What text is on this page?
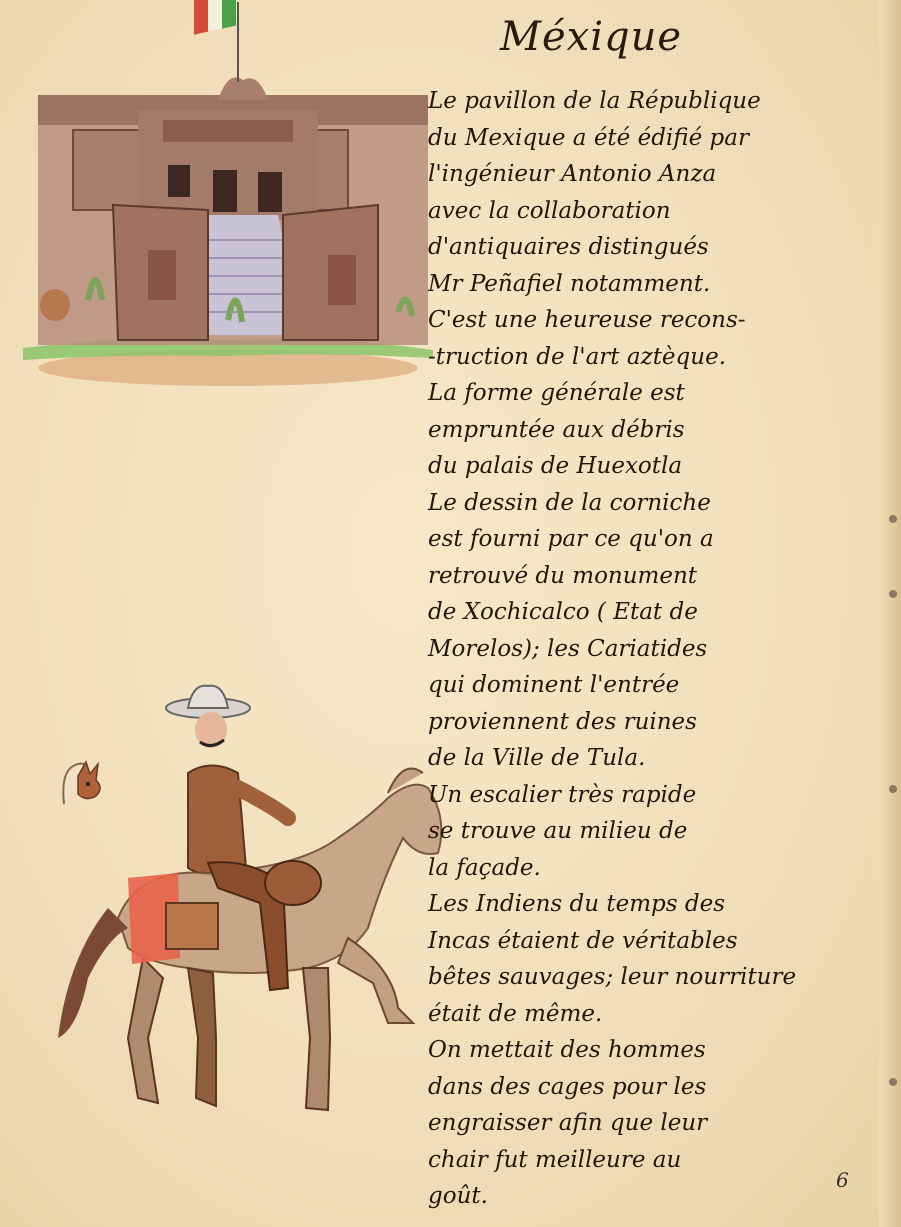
Méxique
Le pavillon de la République
du Mexique a été édifié par
l'ingénieur Antonio Anza
avec la collaboration
d'antiquaires distingués
Mr Peñafiel notamment.
C'est une heureuse recons-
-truction de l'art aztèque.
La forme générale est
empruntée aux débris
du palais de Huexotla
Le dessin de la corniche
est fourni par ce qu'on a
retrouvé du monument
de Xochicalco ( Etat de
Morelos); les Cariatides
qui dominent l'entrée
proviennent des ruines
de la Ville de Tula.
Un escalier très rapide
se trouve au milieu de
la façade.
Les Indiens du temps des
Incas étaient de véritables
bêtes sauvages; leur nourriture
était de même.
On mettait des hommes
dans des cages pour les
engraisser afin que leur
chair fut meilleure au
goût.
6
